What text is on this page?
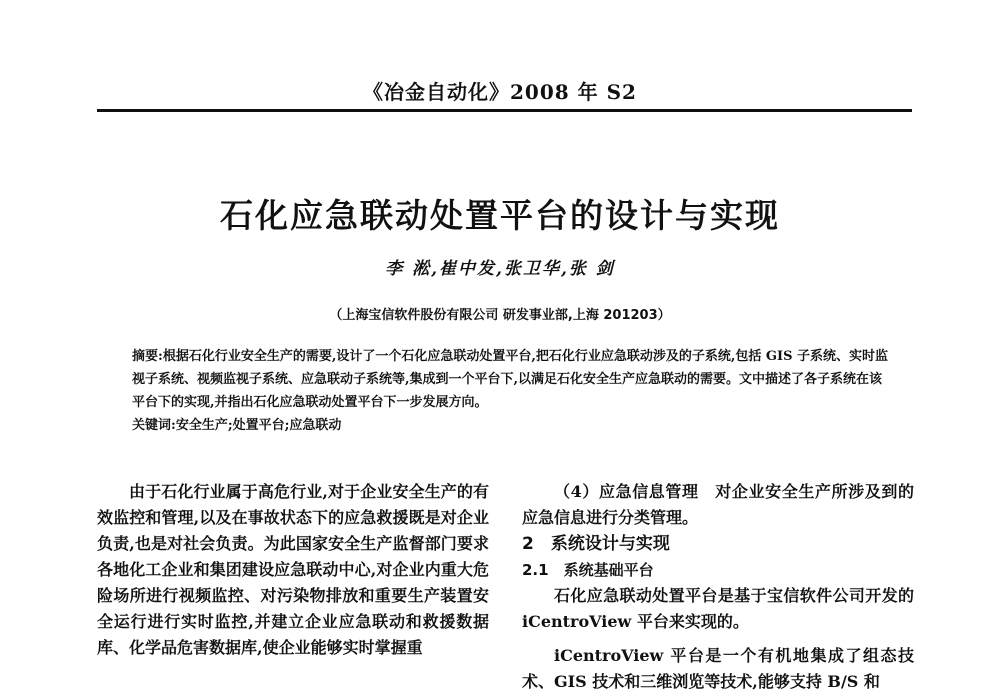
《冶金自动化》2008 年 S2
石化应急联动处置平台的设计与实现
李 淞,崔中发,张卫华,张 剑
（上海宝信软件股份有限公司 研发事业部,上海 201203）

摘要:根据石化行业安全生产的需要,设计了一个石化应急联动处置平台,把石化行业应急联动涉及的子系统,包括 GIS 子系统、实时监视子系统、视频监视子系统、应急联动子系统等,集成到一个平台下,以满足石化安全生产应急联动的需要。文中描述了各子系统在该平台下的实现,并指出石化应急联动处置平台下一步发展方向。

关键词:安全生产;处置平台;应急联动

由于石化行业属于高危行业,对于企业安全生产的有效监控和管理,以及在事故状态下的应急救援既是对企业负责,也是对社会负责。为此国家安全生产监督部门要求各地化工企业和集团建设应急联动中心,对企业内重大危险场所进行视频监控、对污染物排放和重要生产装置安全运行进行实时监控,并建立企业应急联动和救援数据库、化学品危害数据库,使企业能够实时掌握重

（4）应急信息管理　对企业安全生产所涉及到的应急信息进行分类管理。

2　系统设计与实现

2.1　系统基础平台

石化应急联动处置平台是基于宝信软件公司开发的 iCentroView 平台来实现的。

iCentroView 平台是一个有机地集成了组态技术、GIS 技术和三维浏览等技术,能够支持 B/S 和
